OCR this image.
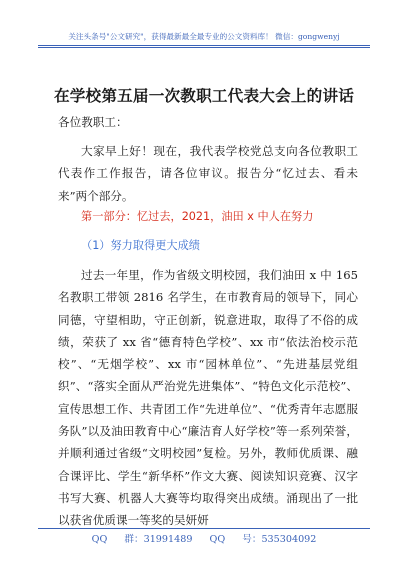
关注头条号"公文研究"，获得最新最全最专业的公文资料库！ 微信：gongwenyj
在学校第五届一次教职工代表大会上的讲话
各位教职工：
大家早上好！现在，我代表学校党总支向各位教职工代表作工作报告，请各位审议。报告分“忆过去、看未来”两个部分。
第一部分：忆过去，2021，油田 x 中人在努力
（1）努力取得更大成绩
过去一年里，作为省级文明校园，我们油田 x 中 165 名教职工带领 2816 名学生，在市教育局的领导下，同心同德，守望相助，守正创新，锐意进取，取得了不俗的成绩，荣获了 xx 省“德育特色学校”、xx 市“依法治校示范校”、“无烟学校”、xx 市“园林单位”、“先进基层党组织”、“落实全面从严治党先进集体”、“特色文化示范校”、宣传思想工作、共青团工作“先进单位”、“优秀青年志愿服务队”以及油田教育中心“廉洁育人好学校”等一系列荣誉，并顺利通过省级“文明校园”复检。另外，教师优质课、融合课评比、学生“新华杯”作文大赛、阅读知识竞赛、汉字书写大赛、机器人大赛等均取得突出成绩。涌现出了一批以获省优质课一等奖的吴妍妍
QQ 群：31991489 QQ 号：535304092
